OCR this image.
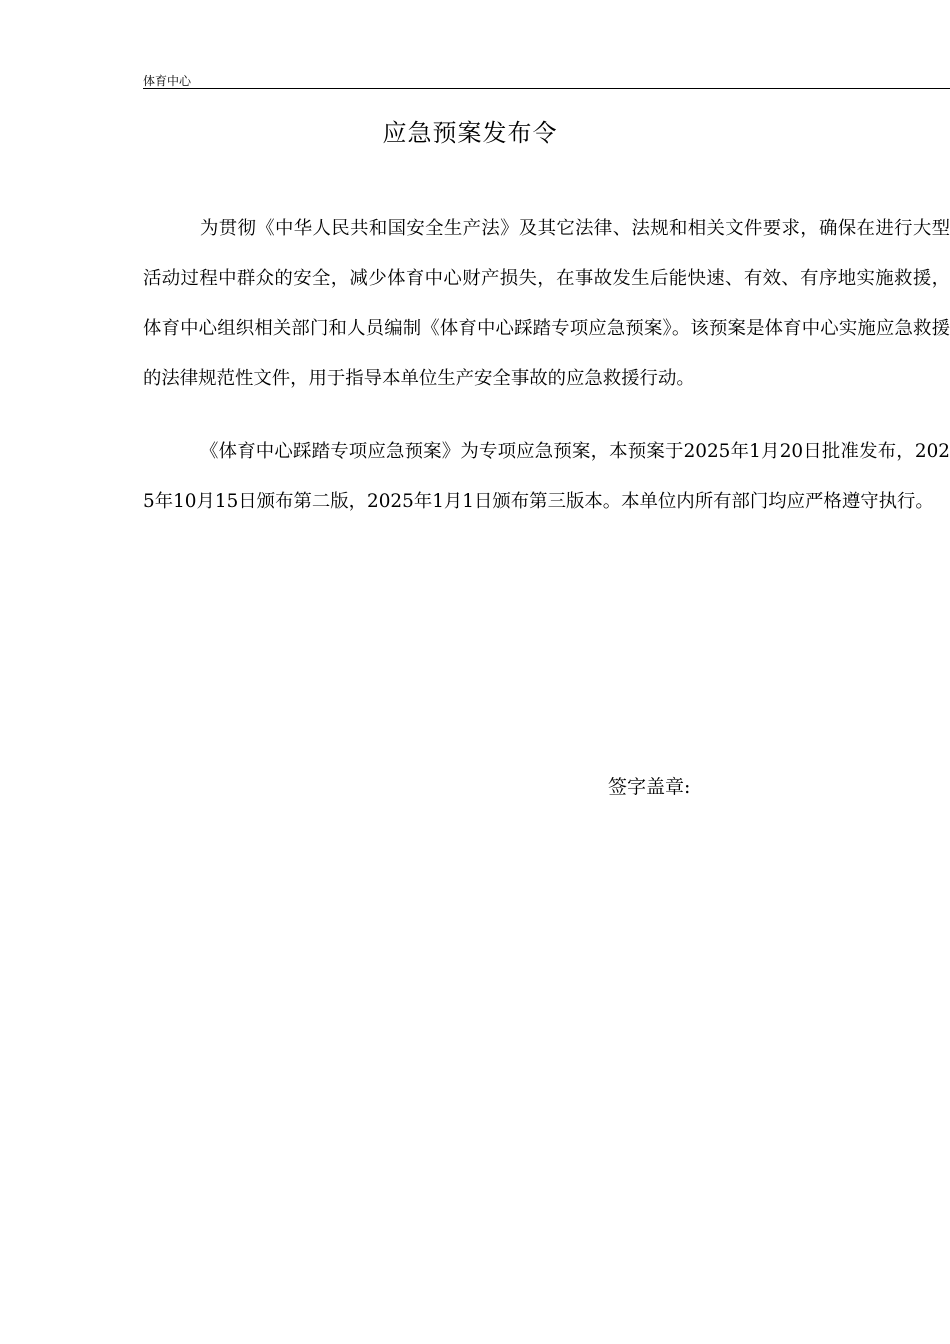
体育中心
应急预案发布令

为贯彻《中华人民共和国安全生产法》及其它法律、法规和相关文件要求，确保在进行大型活动过程中群众的安全，减少体育中心财产损失，在事故发生后能快速、有效、有序地实施救援，体育中心组织相关部门和人员编制《体育中心踩踏专项应急预案》。该预案是体育中心实施应急救援的法律规范性文件，用于指导本单位生产安全事故的应急救援行动。

《体育中心踩踏专项应急预案》为专项应急预案，本预案于2025年1月20日批准发布，2025年10月15日颁布第二版，2025年1月1日颁布第三版本。本单位内所有部门均应严格遵守执行。

签字盖章:
